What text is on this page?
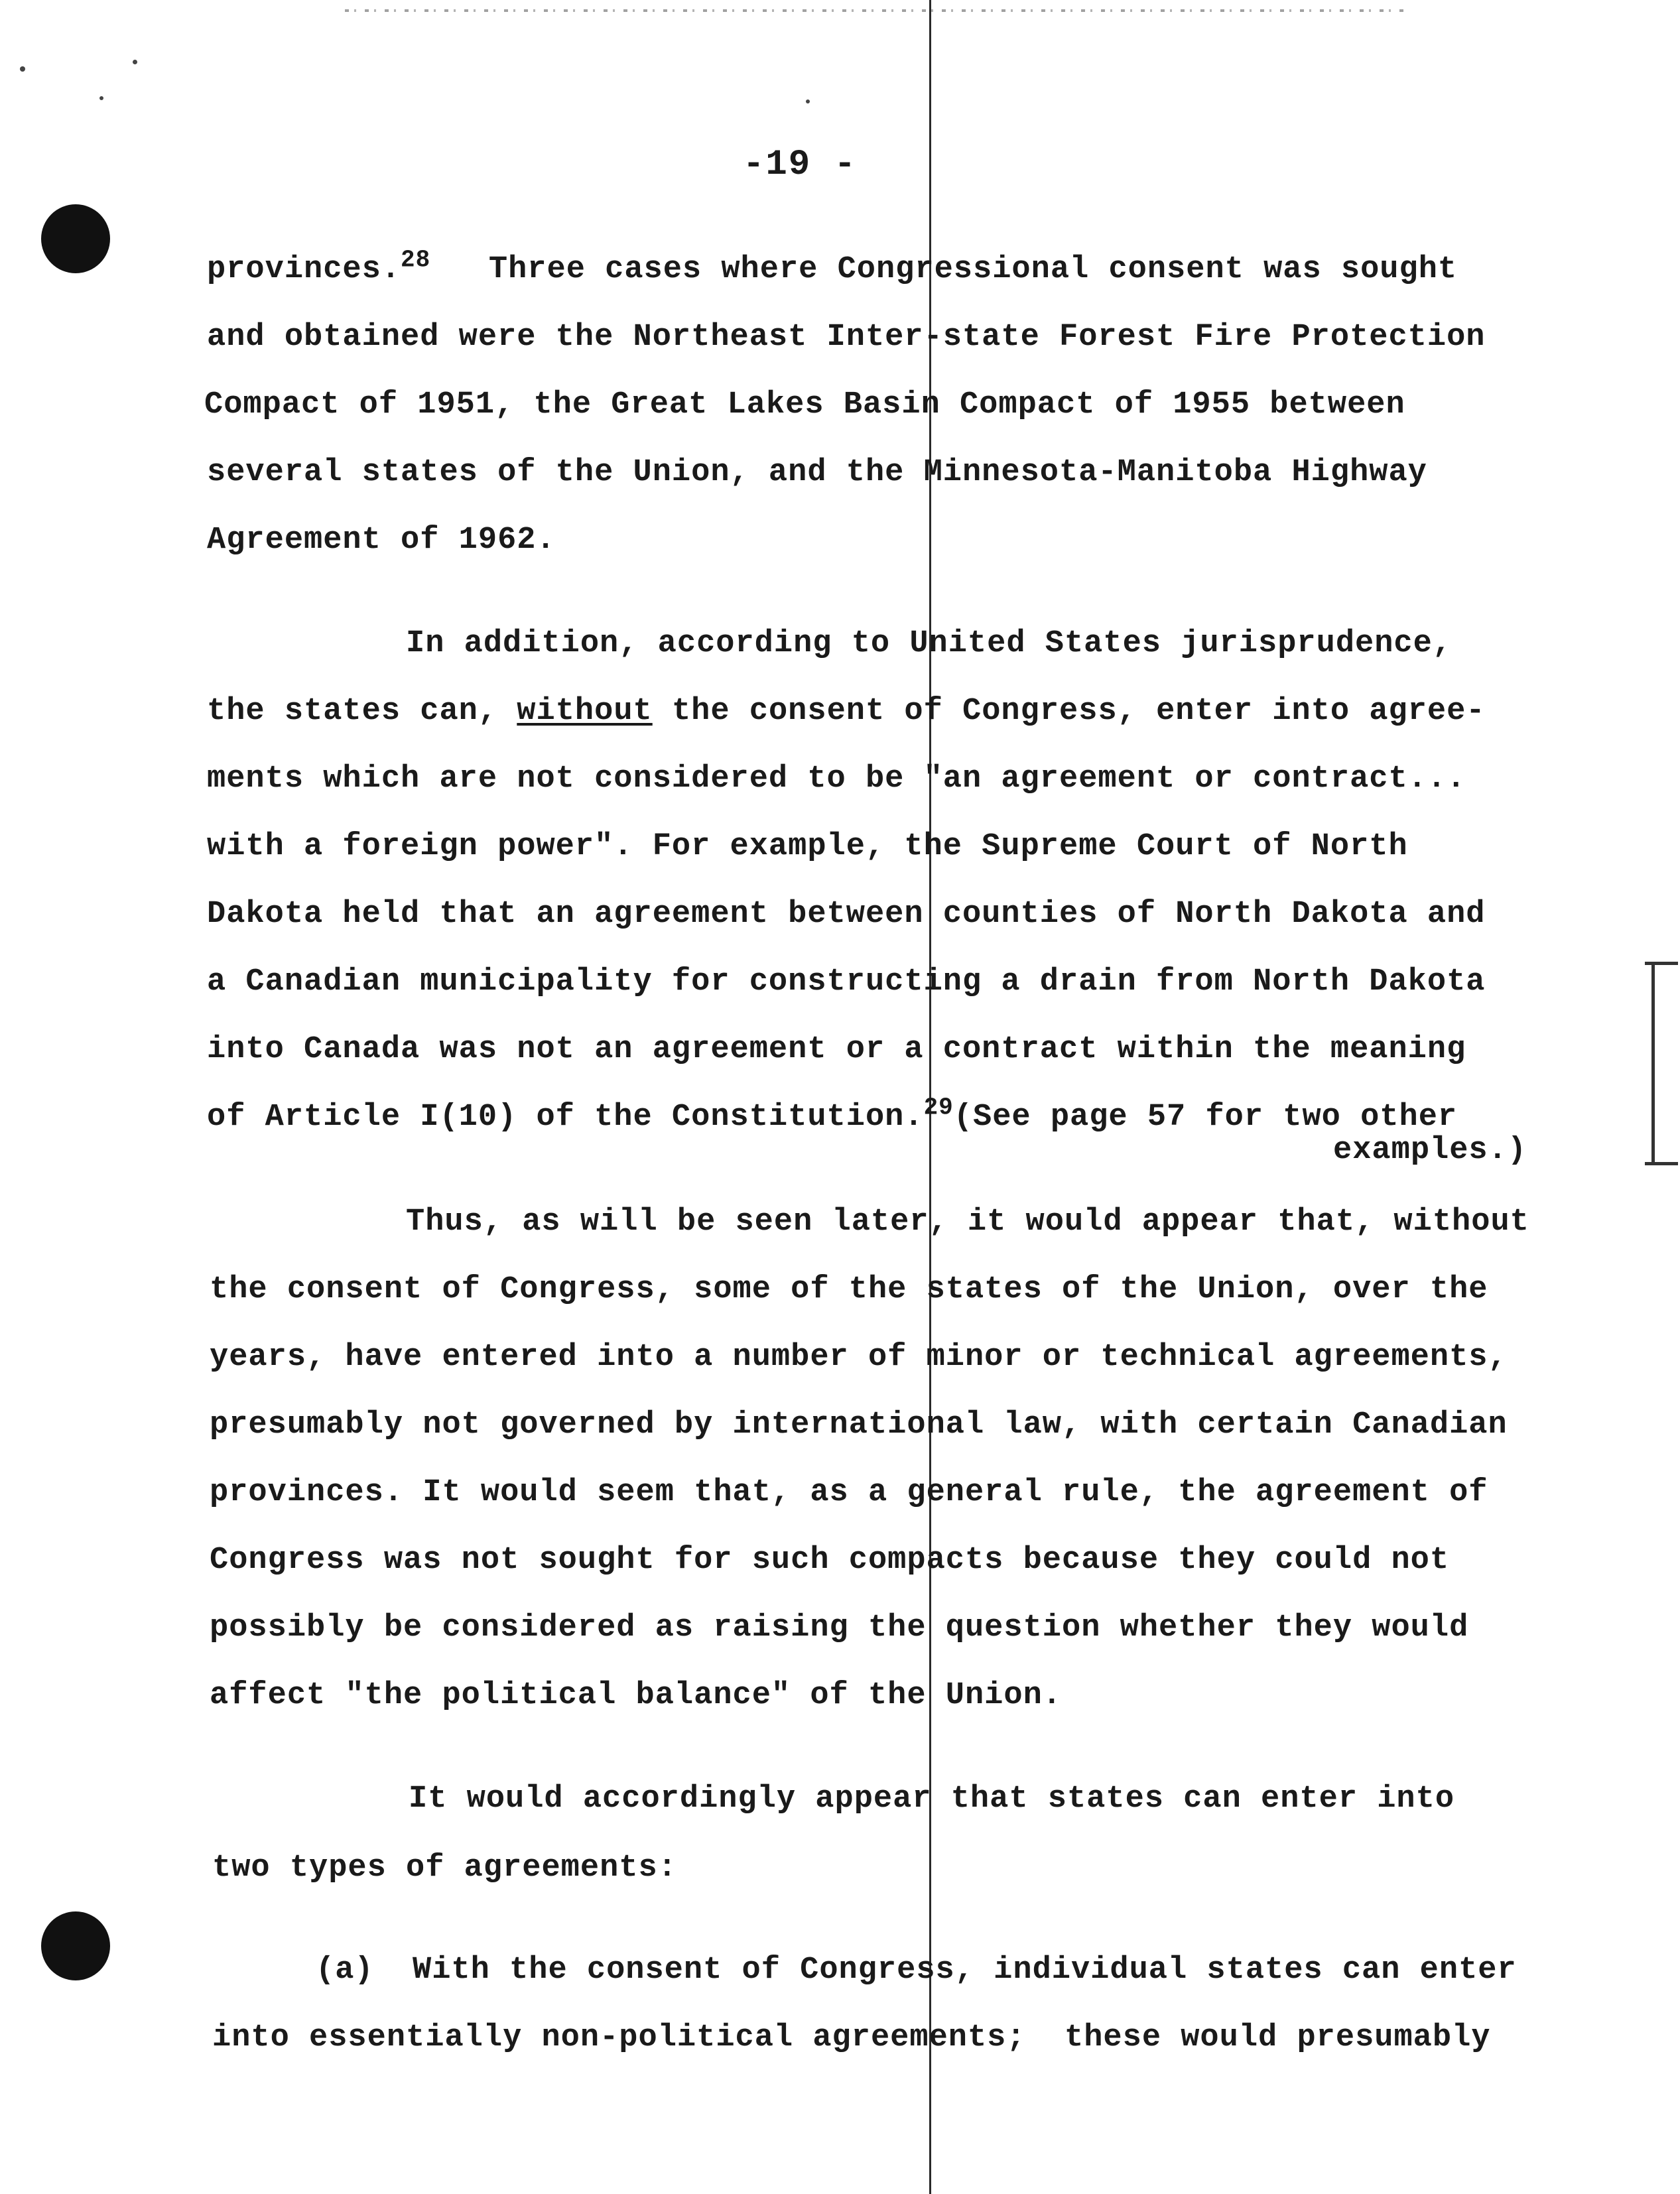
-19 -
provinces.$^{28}$ Three cases where Congressional consent was sought
and obtained were the Northeast Inter-state Forest Fire Protection
Compact of 1951, the Great Lakes Basin Compact of 1955 between
several states of the Union, and the Minnesota-Manitoba Highway
Agreement of 1962.
In addition, according to United States jurisprudence,
the states can, without the consent of Congress, enter into agree-
ments which are not considered to be "an agreement or contract...
with a foreign power". For example, the Supreme Court of North
Dakota held that an agreement between counties of North Dakota and
a Canadian municipality for constructing a drain from North Dakota
into Canada was not an agreement or a contract within the meaning
of Article I(10) of the Constitution.$^{29}$(See page 57 for two other
examples.)
Thus, as will be seen later, it would appear that, without
the consent of Congress, some of the states of the Union, over the
years, have entered into a number of minor or technical agreements,
presumably not governed by international law, with certain Canadian
provinces. It would seem that, as a general rule, the agreement of
Congress was not sought for such compacts because they could not
possibly be considered as raising the question whether they would
affect "the political balance" of the Union.
It would accordingly appear that states can enter into
two types of agreements:
(a)  With the consent of Congress, individual states can enter
into essentially non-political agreements;  these would presumably
